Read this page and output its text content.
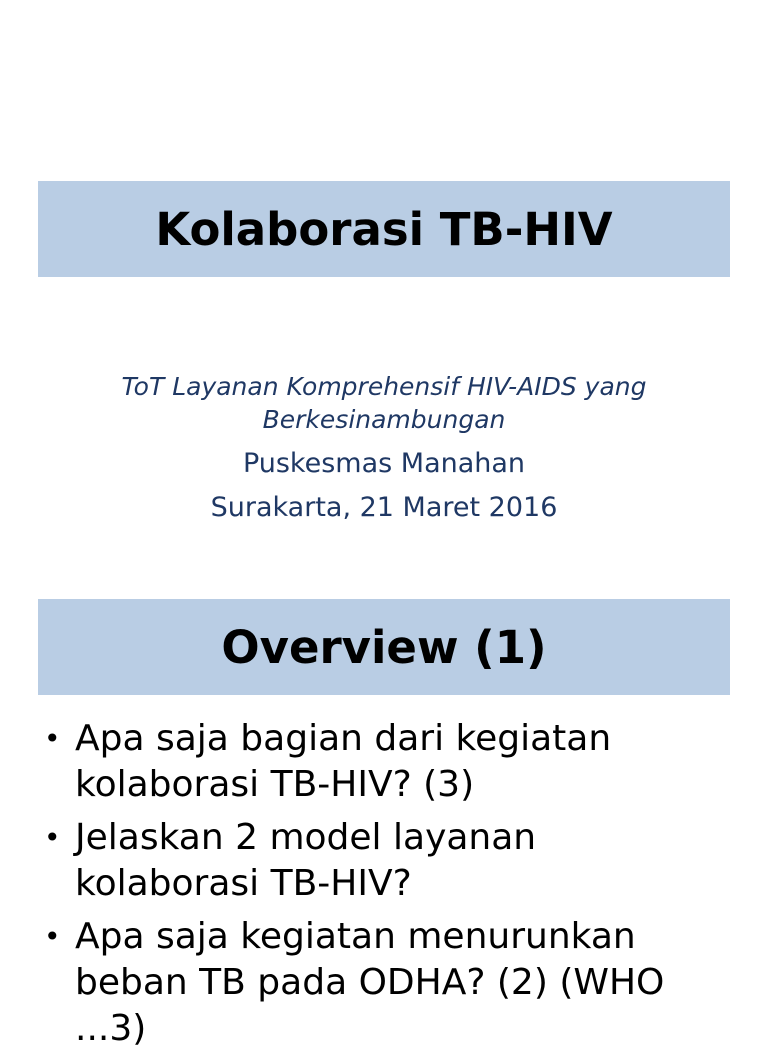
Kolaborasi TB-HIV

ToT Layanan Komprehensif HIV-AIDS yang
Berkesinambungan

Puskesmas Manahan

Surakarta, 21 Maret 2016

Overview (1)
• Apa saja bagian dari kegiatan
kolaborasi TB-HIV? (3)
• Jelaskan 2 model layanan
kolaborasi TB-HIV?
• Apa saja kegiatan menurunkan
beban TB pada ODHA? (2) (WHO
...3)
